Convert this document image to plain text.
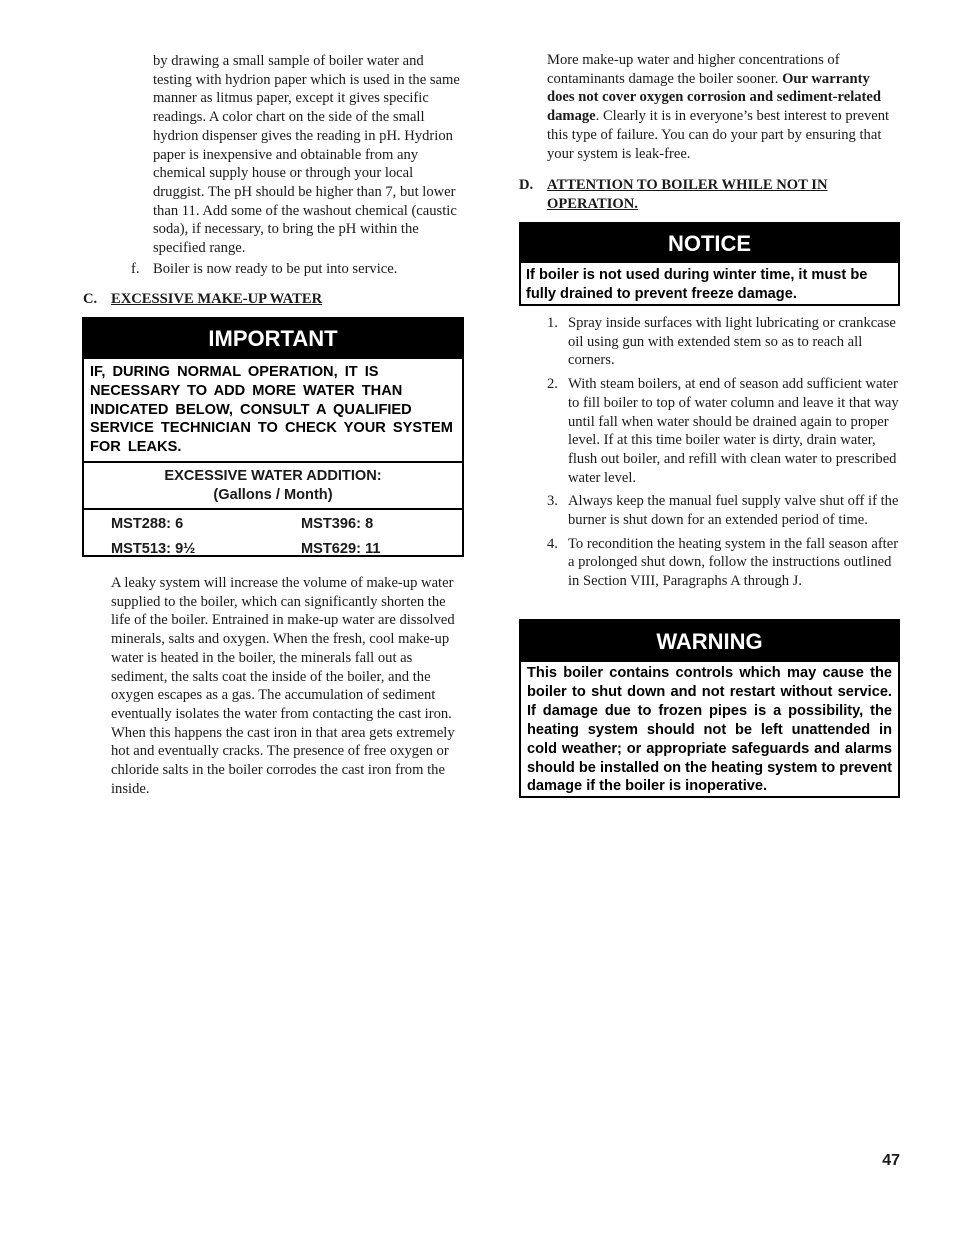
by drawing a small sample of boiler water and testing with hydrion paper which is used in the same manner as litmus paper, except it gives specific readings. A color chart on the side of the small hydrion dispenser gives the reading in pH. Hydrion paper is inexpensive and obtainable from any chemical supply house or through your local druggist. The pH should be higher than 7, but lower than 11. Add some of the washout chemical (caustic soda), if necessary, to bring the pH within the specified range.

f. Boiler is now ready to be put into service.
C. EXCESSIVE MAKE-UP WATER
IMPORTANT
IF, DURING NORMAL OPERATION, IT IS NECESSARY TO ADD MORE WATER THAN INDICATED BELOW, CONSULT A QUALIFIED SERVICE TECHNICIAN TO CHECK YOUR SYSTEM FOR LEAKS.
EXCESSIVE WATER ADDITION:
(Gallons / Month)
MST288: 6	MST396: 8
MST513: 9½	MST629: 11

A leaky system will increase the volume of make-up water supplied to the boiler, which can significantly shorten the life of the boiler. Entrained in make-up water are dissolved minerals, salts and oxygen. When the fresh, cool make-up water is heated in the boiler, the minerals fall out as sediment, the salts coat the inside of the boiler, and the oxygen escapes as a gas. The accumulation of sediment eventually isolates the water from contacting the cast iron. When this happens the cast iron in that area gets extremely hot and eventually cracks. The presence of free oxygen or chloride salts in the boiler corrodes the cast iron from the inside.

More make-up water and higher concentrations of contaminants damage the boiler sooner. Our warranty does not cover oxygen corrosion and sediment-related damage. Clearly it is in everyone’s best interest to prevent this type of failure. You can do your part by ensuring that your system is leak-free.

D. ATTENTION TO BOILER WHILE NOT IN OPERATION.
NOTICE
If boiler is not used during winter time, it must be fully drained to prevent freeze damage.
1. Spray inside surfaces with light lubricating or crankcase oil using gun with extended stem so as to reach all corners.
2. With steam boilers, at end of season add sufficient water to fill boiler to top of water column and leave it that way until fall when water should be drained again to proper level. If at this time boiler water is dirty, drain water, flush out boiler, and refill with clean water to prescribed water level.
3. Always keep the manual fuel supply valve shut off if the burner is shut down for an extended period of time.
4. To recondition the heating system in the fall season after a prolonged shut down, follow the instructions outlined in Section VIII, Paragraphs A through J.
WARNING
This boiler contains controls which may cause the boiler to shut down and not restart without service. If damage due to frozen pipes is a possibility, the heating system should not be left unattended in cold weather; or appropriate safeguards and alarms should be installed on the heating system to prevent damage if the boiler is inoperative.
47
